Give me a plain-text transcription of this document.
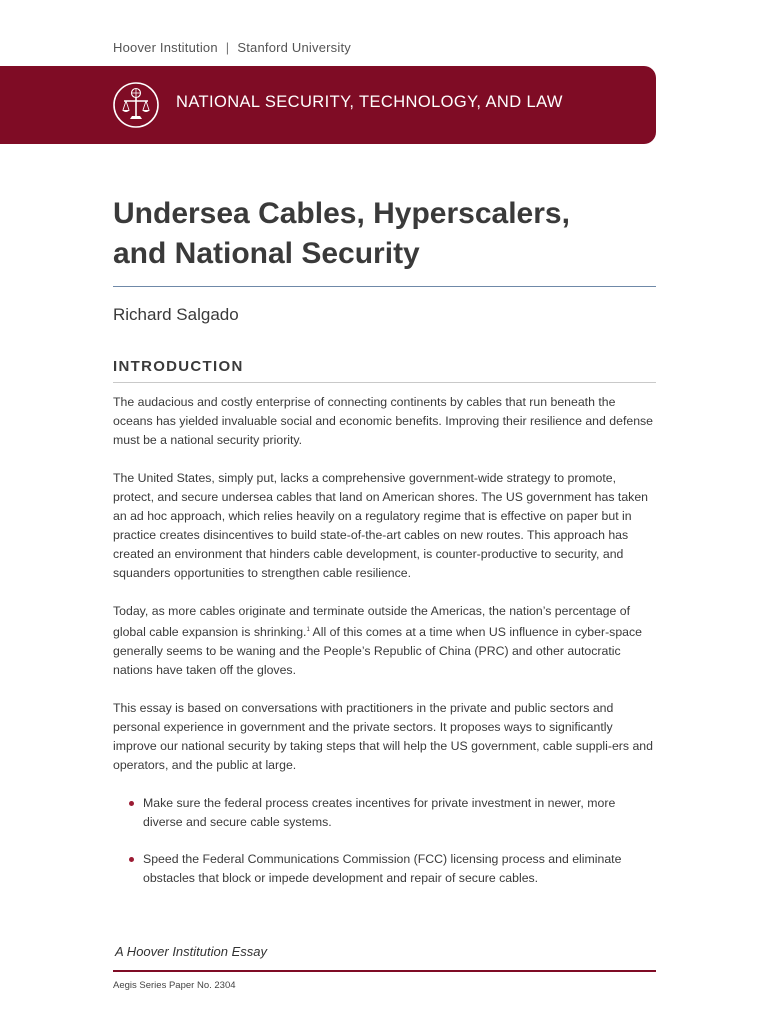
Hoover Institution | Stanford University
NATIONAL SECURITY, TECHNOLOGY, AND LAW
Undersea Cables, Hyperscalers,
and National Security
Richard Salgado
INTRODUCTION

The audacious and costly enterprise of connecting continents by cables that run beneath the oceans has yielded invaluable social and economic benefits. Improving their resilience and defense must be a national security priority.

The United States, simply put, lacks a comprehensive government-wide strategy to promote, protect, and secure undersea cables that land on American shores. The US government has taken an ad hoc approach, which relies heavily on a regulatory regime that is effective on paper but in practice creates disincentives to build state-of-the-art cables on new routes. This approach has created an environment that hinders cable development, is counter-productive to security, and squanders opportunities to strengthen cable resilience.

Today, as more cables originate and terminate outside the Americas, the nation’s percentage of global cable expansion is shrinking.$^1$ All of this comes at a time when US influence in cyber-space generally seems to be waning and the People’s Republic of China (PRC) and other autocratic nations have taken off the gloves.

This essay is based on conversations with practitioners in the private and public sectors and personal experience in government and the private sectors. It proposes ways to significantly improve our national security by taking steps that will help the US government, cable suppli-ers and operators, and the public at large.

Make sure the federal process creates incentives for private investment in newer, more diverse and secure cable systems.
Speed the Federal Communications Commission (FCC) licensing process and eliminate obstacles that block or impede development and repair of secure cables.
A Hoover Institution Essay
Aegis Series Paper No. 2304
